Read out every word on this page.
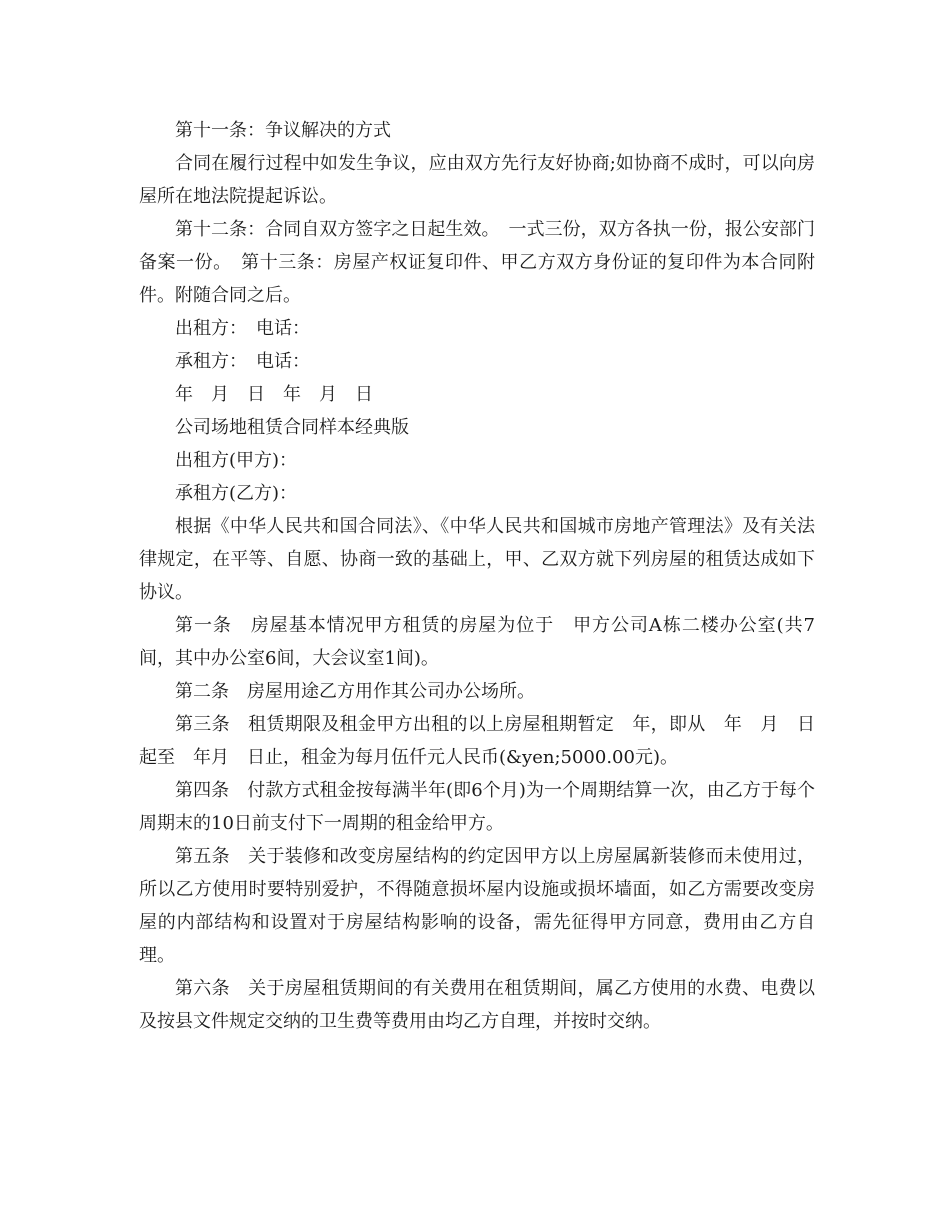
第十一条：争议解决的方式

合同在履行过程中如发生争议，应由双方先行友好协商;如协商不成时，可以向房屋所在地法院提起诉讼。

第十二条：合同自双方签字之日起生效。　一式三份，双方各执一份，报公安部门备案一份。　第十三条：房屋产权证复印件、甲乙方双方身份证的复印件为本合同附件。附随合同之后。

出租方：　电话：

承租方：　电话：

年　月　日　年　月　日

公司场地租赁合同样本经典版

出租方(甲方)：

承租方(乙方)：

根据《中华人民共和国合同法》、《中华人民共和国城市房地产管理法》及有关法律规定，在平等、自愿、协商一致的基础上，甲、乙双方就下列房屋的租赁达成如下协议。

第一条　房屋基本情况甲方租赁的房屋为位于　甲方公司A栋二楼办公室(共7间，其中办公室6间，大会议室1间)。

第二条　房屋用途乙方用作其公司办公场所。

第三条　租赁期限及租金甲方出租的以上房屋租期暂定　年，即从　年　月　日起至　年月　日止，租金为每月伍仟元人民币(&yen;5000.00元)。

第四条　付款方式租金按每满半年(即6个月)为一个周期结算一次，由乙方于每个周期末的10日前支付下一周期的租金给甲方。

第五条　关于装修和改变房屋结构的约定因甲方以上房屋属新装修而未使用过，所以乙方使用时要特别爱护，不得随意损坏屋内设施或损坏墙面，如乙方需要改变房屋的内部结构和设置对于房屋结构影响的设备，需先征得甲方同意，费用由乙方自理。

第六条　关于房屋租赁期间的有关费用在租赁期间，属乙方使用的水费、电费以及按县文件规定交纳的卫生费等费用由均乙方自理，并按时交纳。
